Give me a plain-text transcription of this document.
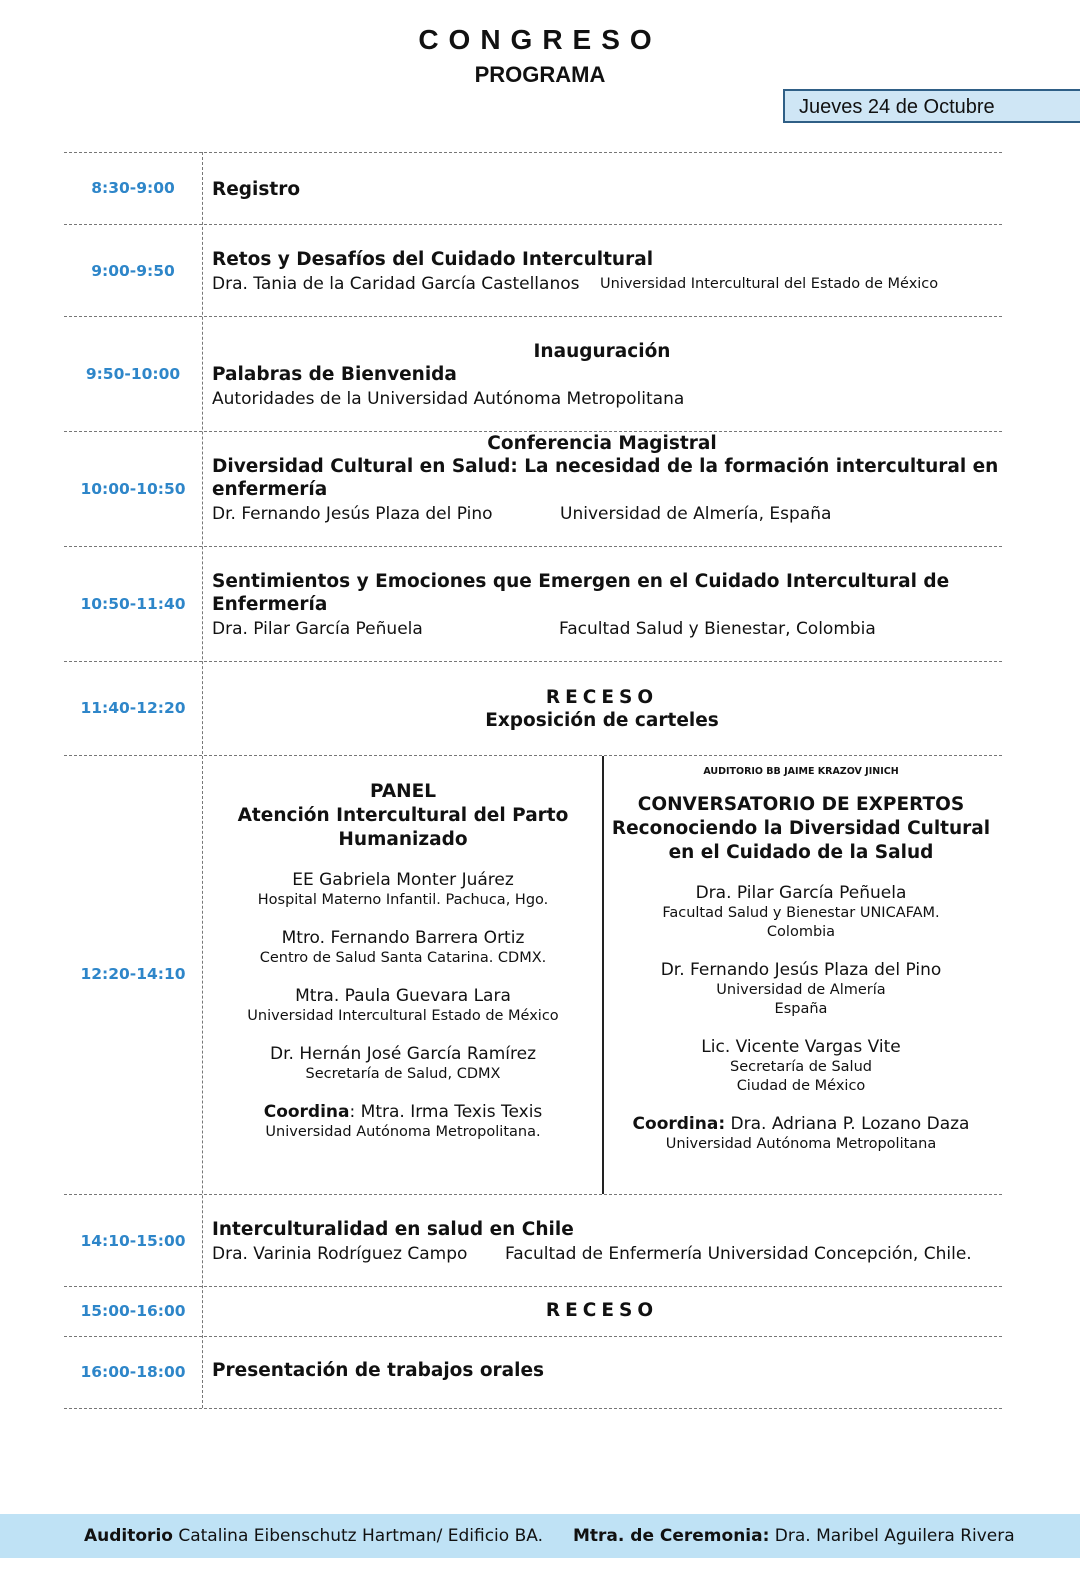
CONGRESO
PROGRAMA
Jueves 24 de Octubre
8:30-9:00	Registro
9:00-9:50
Retos y Desafíos del Cuidado Intercultural
Dra. Tania de la Caridad García Castellanos Universidad Intercultural del Estado de México
9:50-10:00
Inauguración
Palabras de Bienvenida
Autoridades de la Universidad Autónoma Metropolitana
10:00-10:50
Conferencia Magistral
Diversidad Cultural en Salud: La necesidad de la formación intercultural en
enfermería
Dr. Fernando Jesús Plaza del Pino	Universidad de Almería, España
10:50-11:40
Sentimientos y Emociones que Emergen en el Cuidado Intercultural de
Enfermería
Dra. Pilar García Peñuela	Facultad Salud y Bienestar, Colombia
11:40-12:20	RECESO
Exposición de carteles
12:20-14:10
PANEL
Atención Intercultural del Parto
Humanizado
EE Gabriela Monter Juárez
Hospital Materno Infantil. Pachuca, Hgo.
Mtro. Fernando Barrera Ortiz
Centro de Salud Santa Catarina. CDMX.
Mtra. Paula Guevara Lara
Universidad Intercultural Estado de México
Dr. Hernán José García Ramírez
Secretaría de Salud, CDMX
Coordina: Mtra. Irma Texis Texis
Universidad Autónoma Metropolitana.
AUDITORIO BB JAIME KRAZOV JINICH
CONVERSATORIO DE EXPERTOS
Reconociendo la Diversidad Cultural
en el Cuidado de la Salud
Dra. Pilar García Peñuela
Facultad Salud y Bienestar UNICAFAM.
Colombia
Dr. Fernando Jesús Plaza del Pino
Universidad de Almería
España
Lic. Vicente Vargas Vite
Secretaría de Salud
Ciudad de México
Coordina: Dra. Adriana P. Lozano Daza
Universidad Autónoma Metropolitana
14:10-15:00
Interculturalidad en salud en Chile
Dra. Varinia Rodríguez Campo Facultad de Enfermería Universidad Concepción, Chile.
15:00-16:00	RECESO
16:00-18:00	Presentación de trabajos orales
Auditorio Catalina Eibenschutz Hartman/ Edificio BA. Mtra. de Ceremonia: Dra. Maribel Aguilera Rivera
